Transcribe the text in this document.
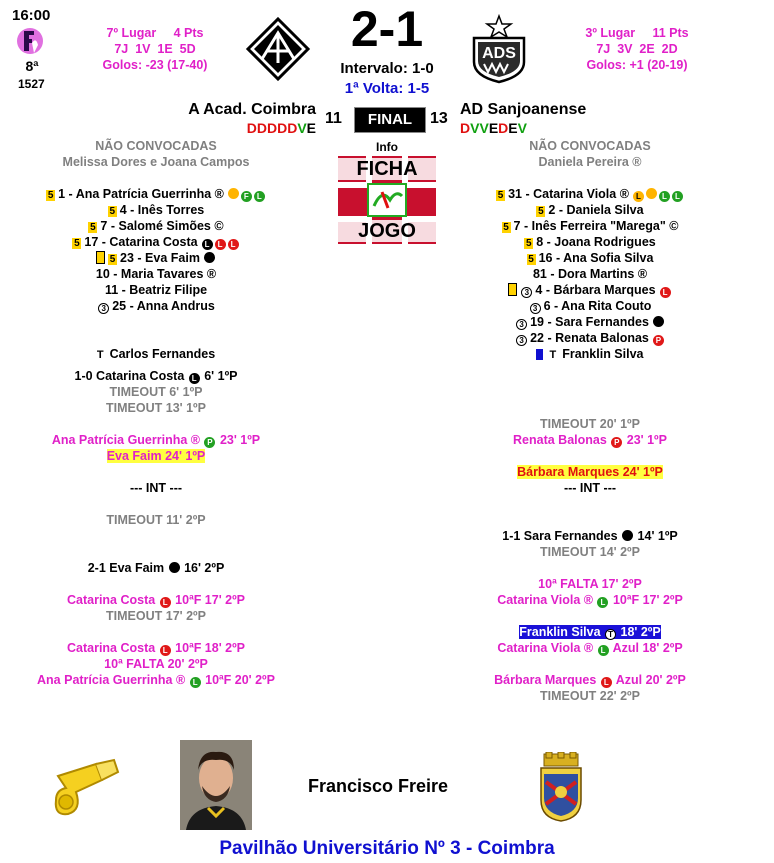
16:00
8ª
1527
7º Lugar     4 Pts
7J  1V  1E  5D
Golos: -23 (17-40)
3º Lugar     11 Pts
7J  3V  2E  2D
Golos: +1 (20-19)
ADS
2-1
Intervalo: 1-0
1ª Volta: 1-5
A Acad. Coimbra
DDDDDVE
11	FINAL	13
AD Sanjoanense
DVVEDEV
Info
FICHA
JOGO
NÃO CONVOCADAS
Melissa Dores e Joana Campos
NÃO CONVOCADAS
Daniela Pereira ®
5 1 - Ana Patrícia Guerrinha ®	F L
5 4 - Inês Torres
5 7 - Salomé Simões ©
5 17 - Catarina Costa L L L
5 23 - Eva Faim
10 - Maria Tavares ®
11 - Beatriz Filipe
3 25 - Anna Andrus
5 31 - Catarina Viola ® L	L L
5 2 - Daniela Silva
5 7 - Inês Ferreira "Marega" ©
5 8 - Joana Rodrigues
5 16 - Ana Sofia Silva
81 - Dora Martins ®
3 4 - Bárbara Marques L
3 6 - Ana Rita Couto
3 19 - Sara Fernandes
3 22 - Renata Balonas P
T Carlos Fernandes	T Franklin Silva
1-0 Catarina Costa L 6' 1ºP
TIMEOUT 6' 1ºP
TIMEOUT 13' 1ºP
Ana Patrícia Guerrinha ® P 23' 1ºP
Eva Faim 24' 1ºP
--- INT ---
TIMEOUT 11' 2ºP
2-1 Eva Faim  16' 2ºP
Catarina Costa L 10ªF 17' 2ºP
TIMEOUT 17' 2ºP
Catarina Costa L 10ªF 18' 2ºP
10ª FALTA 20' 2ºP
Ana Patrícia Guerrinha ® L 10ªF 20' 2ºP
TIMEOUT 20' 1ºP
Renata Balonas P 23' 1ºP
Bárbara Marques 24' 1ºP
--- INT ---
1-1 Sara Fernandes  14' 1ºP
TIMEOUT 14' 2ºP
10ª FALTA 17' 2ºP
Catarina Viola ® L 10ªF 17' 2ºP
Franklin Silva T 18' 2ºP
Catarina Viola ® L Azul 18' 2ºP
Bárbara Marques L Azul 20' 2ºP
TIMEOUT 22' 2ºP
Francisco Freire
Pavilhão Universitário Nº 3 - Coimbra
